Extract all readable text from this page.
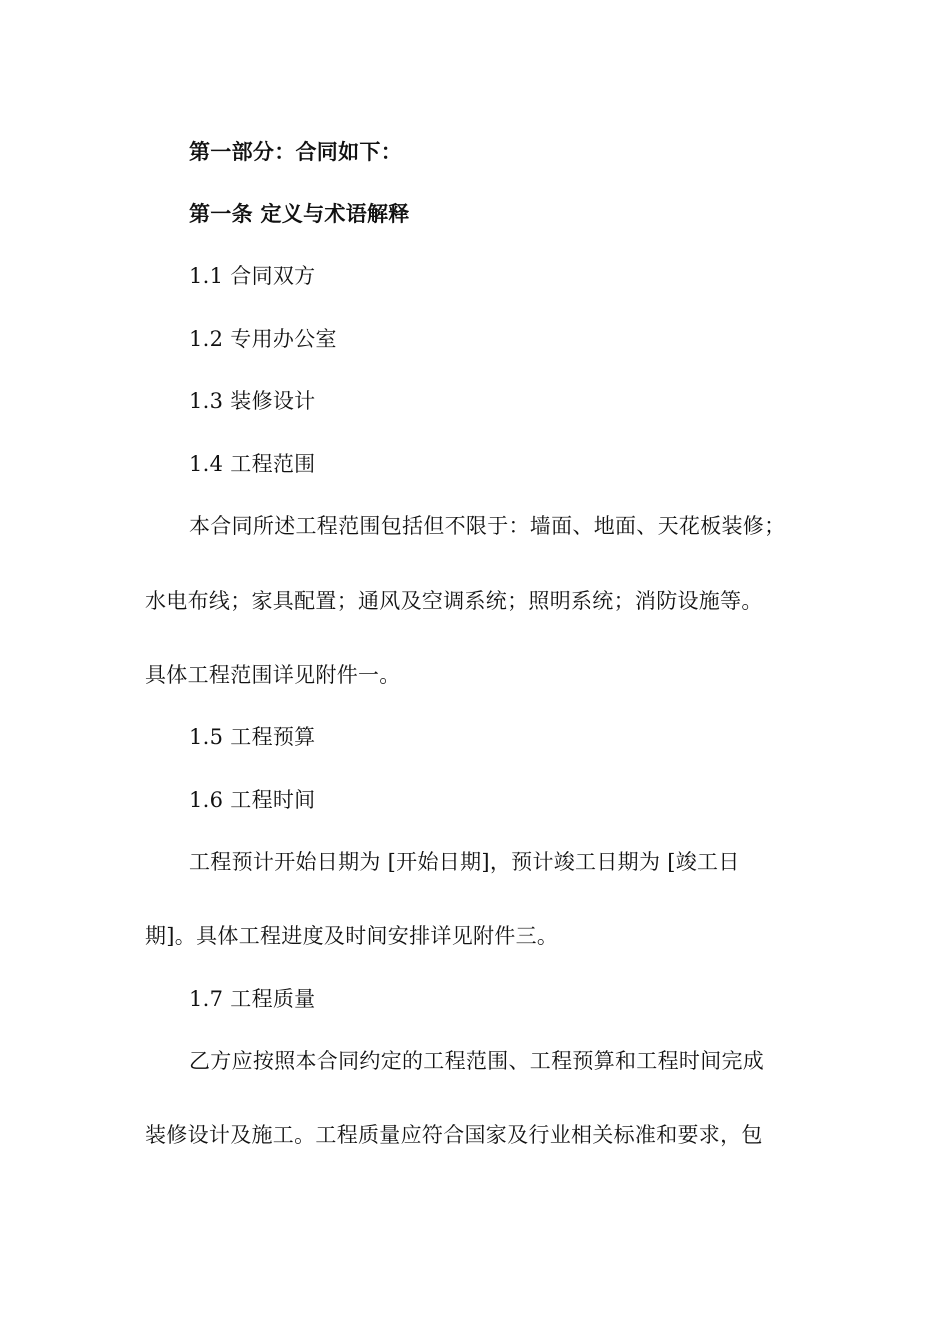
第一部分：合同如下：
第一条 定义与术语解释
1.1 合同双方
1.2 专用办公室
1.3 装修设计
1.4 工程范围
本合同所述工程范围包括但不限于：墙面、地面、天花板装修；
水电布线；家具配置；通风及空调系统；照明系统；消防设施等。
具体工程范围详见附件一。
1.5 工程预算
1.6 工程时间
工程预计开始日期为 [开始日期]，预计竣工日期为 [竣工日
期]。具体工程进度及时间安排详见附件三。
1.7 工程质量
乙方应按照本合同约定的工程范围、工程预算和工程时间完成
装修设计及施工。工程质量应符合国家及行业相关标准和要求，包
